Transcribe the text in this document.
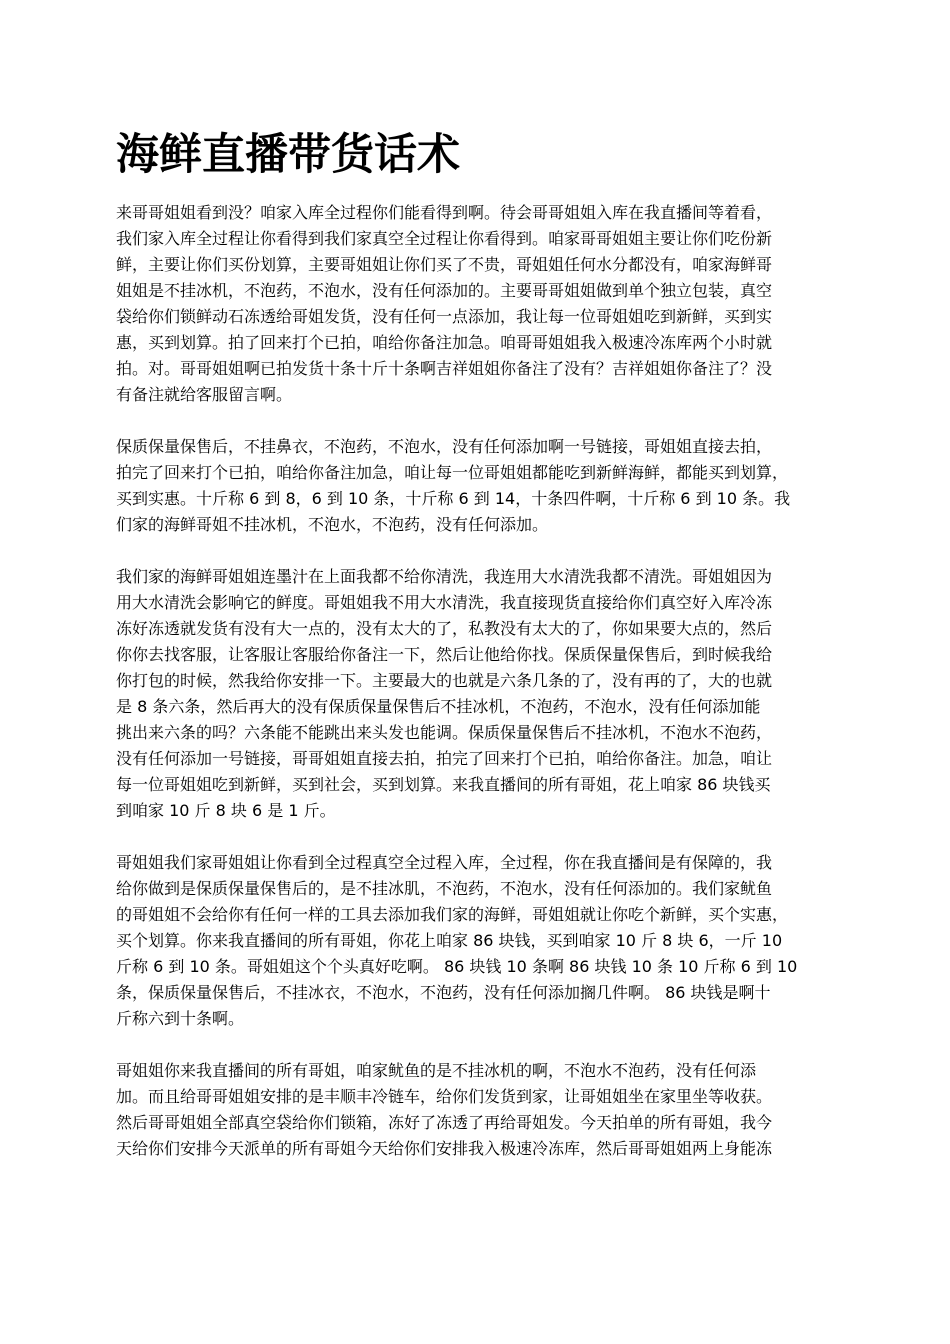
海鲜直播带货话术
来哥哥姐姐看到没？咱家入库全过程你们能看得到啊。待会哥哥姐姐入库在我直播间等着看，
我们家入库全过程让你看得到我们家真空全过程让你看得到。咱家哥哥姐姐主要让你们吃份新
鲜，主要让你们买份划算，主要哥姐姐让你们买了不贵，哥姐姐任何水分都没有，咱家海鲜哥
姐姐是不挂冰机，不泡药，不泡水，没有任何添加的。主要哥哥姐姐做到单个独立包装，真空
袋给你们锁鲜动石冻透给哥姐发货，没有任何一点添加，我让每一位哥姐姐吃到新鲜，买到实
惠，买到划算。拍了回来打个已拍，咱给你备注加急。咱哥哥姐姐我入极速冷冻库两个小时就
拍。对。哥哥姐姐啊已拍发货十条十斤十条啊吉祥姐姐你备注了没有？吉祥姐姐你备注了？没
有备注就给客服留言啊。
保质保量保售后，不挂鼻衣，不泡药，不泡水，没有任何添加啊一号链接，哥姐姐直接去拍，
拍完了回来打个已拍，咱给你备注加急，咱让每一位哥姐姐都能吃到新鲜海鲜，都能买到划算，
买到实惠。十斤称 6 到 8，6 到 10 条，十斤称 6 到 14，十条四件啊，十斤称 6 到 10 条。我
们家的海鲜哥姐不挂冰机，不泡水，不泡药，没有任何添加。
我们家的海鲜哥姐姐连墨汁在上面我都不给你清洗，我连用大水清洗我都不清洗。哥姐姐因为
用大水清洗会影响它的鲜度。哥姐姐我不用大水清洗，我直接现货直接给你们真空好入库冷冻
冻好冻透就发货有没有大一点的，没有太大的了，私教没有太大的了，你如果要大点的，然后
你你去找客服，让客服让客服给你备注一下，然后让他给你找。保质保量保售后，到时候我给
你打包的时候，然我给你安排一下。主要最大的也就是六条几条的了，没有再的了，大的也就
是 8 条六条，然后再大的没有保质保量保售后不挂冰机，不泡药，不泡水，没有任何添加能
挑出来六条的吗？六条能不能跳出来头发也能调。保质保量保售后不挂冰机，不泡水不泡药，
没有任何添加一号链接，哥哥姐姐直接去拍，拍完了回来打个已拍，咱给你备注。加急，咱让
每一位哥姐姐吃到新鲜，买到社会，买到划算。来我直播间的所有哥姐，花上咱家 86 块钱买
到咱家 10 斤 8 块 6 是 1 斤。
哥姐姐我们家哥姐姐让你看到全过程真空全过程入库，全过程，你在我直播间是有保障的，我
给你做到是保质保量保售后的，是不挂冰肌，不泡药，不泡水，没有任何添加的。我们家鱿鱼
的哥姐姐不会给你有任何一样的工具去添加我们家的海鲜，哥姐姐就让你吃个新鲜，买个实惠，
买个划算。你来我直播间的所有哥姐，你花上咱家 86 块钱，买到咱家 10 斤 8 块 6，一斤 10
斤称 6 到 10 条。哥姐姐这个个头真好吃啊。 86 块钱 10 条啊 86 块钱 10 条 10 斤称 6 到 10
条，保质保量保售后，不挂冰衣，不泡水，不泡药，没有任何添加搁几件啊。 86 块钱是啊十
斤称六到十条啊。
哥姐姐你来我直播间的所有哥姐，咱家鱿鱼的是不挂冰机的啊，不泡水不泡药，没有任何添
加。而且给哥哥姐姐安排的是丰顺丰冷链车，给你们发货到家，让哥姐姐坐在家里坐等收获。
然后哥哥姐姐全部真空袋给你们锁箱，冻好了冻透了再给哥姐发。今天拍单的所有哥姐，我今
天给你们安排今天派单的所有哥姐今天给你们安排我入极速冷冻库，然后哥哥姐姐两上身能冻
